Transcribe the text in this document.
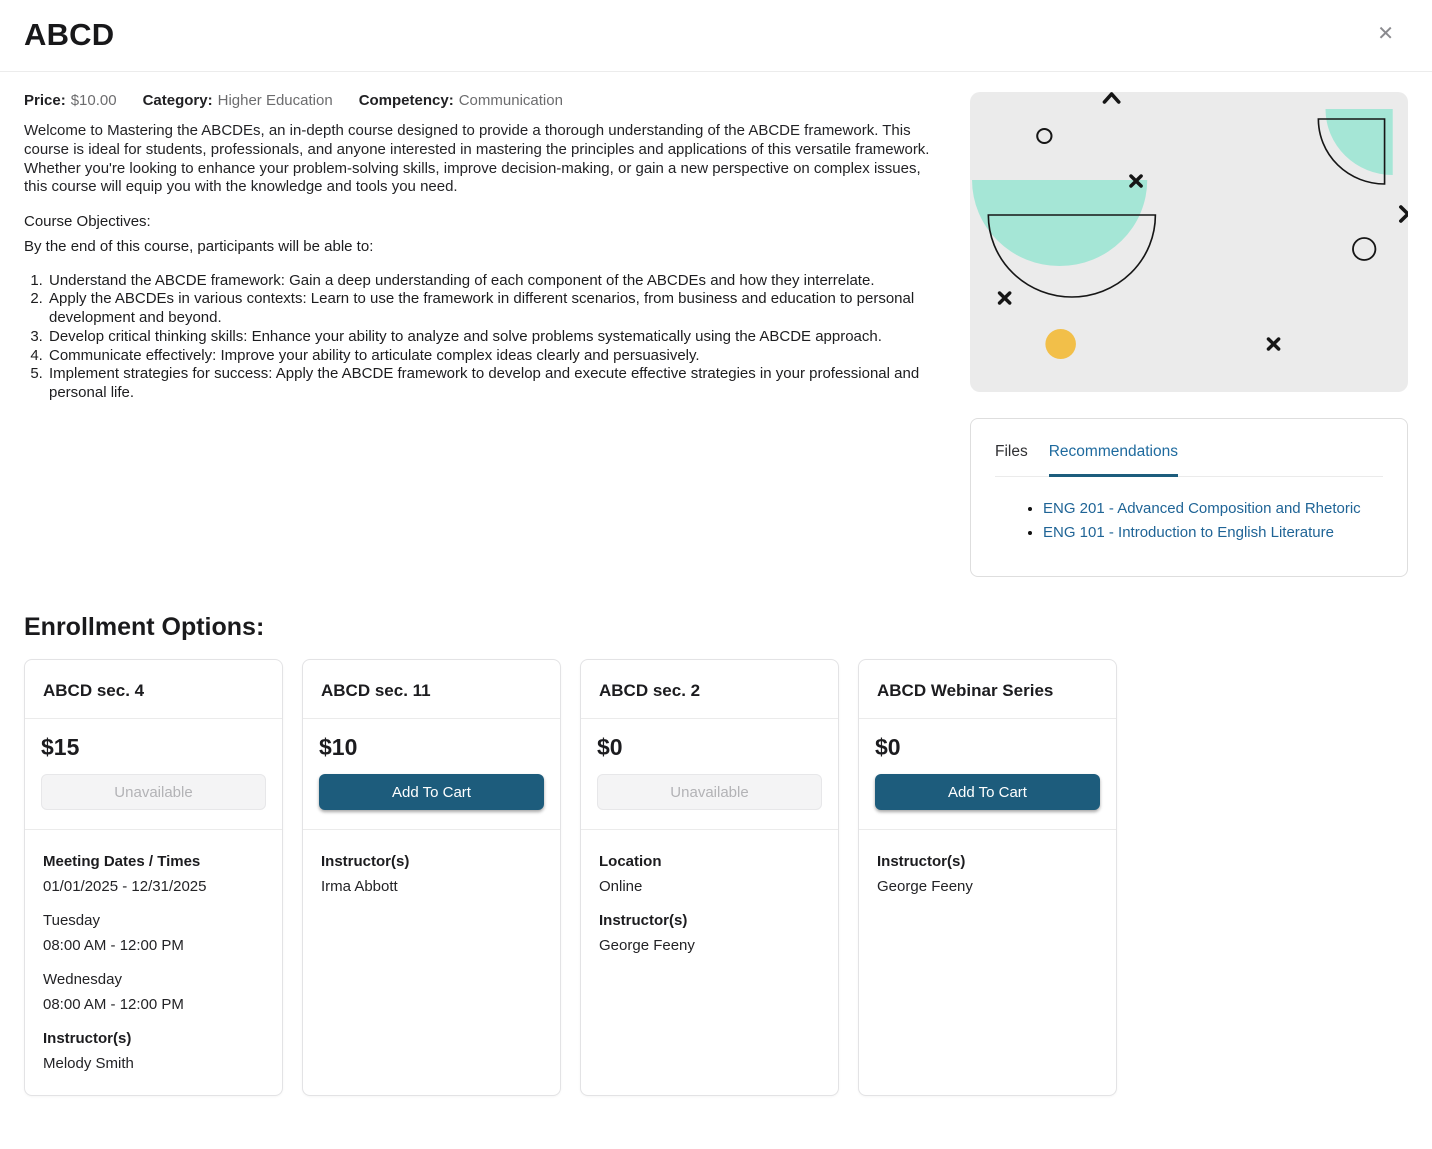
ABCD	✕
Price: $10.00 Category: Higher Education Competency: Communication

Welcome to Mastering the ABCDEs, an in-depth course designed to provide a thorough understanding of the ABCDE framework. This course is ideal for students, professionals, and anyone interested in mastering the principles and applications of this versatile framework. Whether you're looking to enhance your problem-solving skills, improve decision-making, or gain a new perspective on complex issues, this course will equip you with the knowledge and tools you need.

Course Objectives:

By the end of this course, participants will be able to:

1. Understand the ABCDE framework: Gain a deep understanding of each component of the ABCDEs and how they interrelate.
2. Apply the ABCDEs in various contexts: Learn to use the framework in different scenarios, from business and education to personal development and beyond.
3. Develop critical thinking skills: Enhance your ability to analyze and solve problems systematically using the ABCDE approach.
4. Communicate effectively: Improve your ability to articulate complex ideas clearly and persuasively.
5. Implement strategies for success: Apply the ABCDE framework to develop and execute effective strategies in your professional and personal life.
Files Recommendations
• ENG 201 - Advanced Composition and Rhetoric
• ENG 101 - Introduction to English Literature
Enrollment Options:
ABCD sec. 4
$15
Unavailable
Meeting Dates / Times
01/01/2025 - 12/31/2025
Tuesday
08:00 AM - 12:00 PM
Wednesday
08:00 AM - 12:00 PM
Instructor(s)
Melody Smith
ABCD sec. 11
$10
Add To Cart
Instructor(s)
Irma Abbott
ABCD sec. 2
$0
Unavailable
Location
Online
Instructor(s)
George Feeny
ABCD Webinar Series
$0
Add To Cart
Instructor(s)
George Feeny
